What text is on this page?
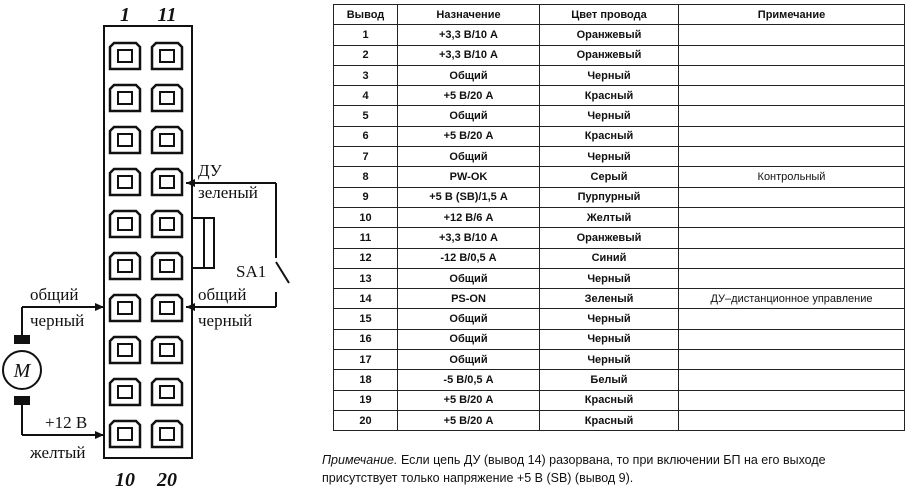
1 11
10 20
ДУ
зеленый
SA1
общий
черный
M
общий
черный
+12 В
желтый
Вывод	Назначение	Цвет провода	Примечание
1	+3,3 В/10 А	Оранжевый	
2	+3,3 В/10 А	Оранжевый	
3	Общий	Черный	
4	+5 В/20 А	Красный	
5	Общий	Черный	
6	+5 В/20 А	Красный	
7	Общий	Черный	
8	PW-OK	Серый	Контрольный
9	+5 В (SB)/1,5 А	Пурпурный	
10	+12 В/6 А	Желтый	
11	+3,3 В/10 А	Оранжевый	
12	-12 В/0,5 А	Синий	
13	Общий	Черный	
14	PS-ON	Зеленый	ДУ–дистанционное управление
15	Общий	Черный	
16	Общий	Черный	
17	Общий	Черный	
18	-5 В/0,5 А	Белый	
19	+5 В/20 А	Красный	
20	+5 В/20 А	Красный	
Примечание. Если цепь ДУ (вывод 14) разорвана, то при включении БП на его выходе присутствует только напряжение +5 В (SB) (вывод 9).
